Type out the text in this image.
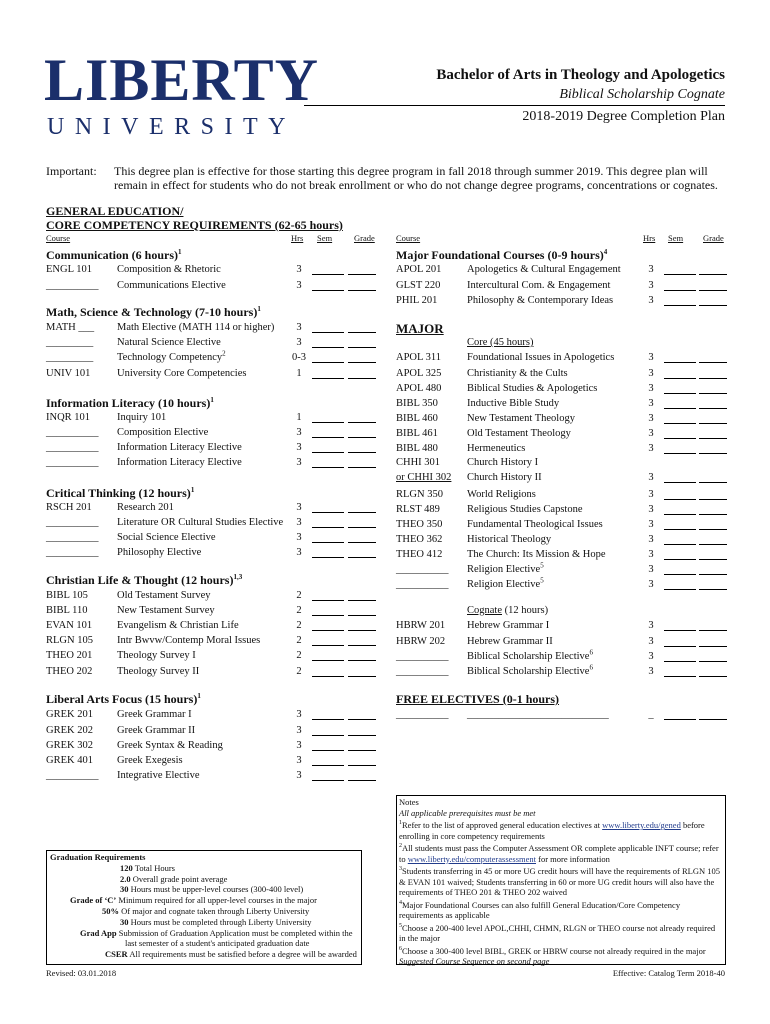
LIBERTY
UNIVERSITY
Bachelor of Arts in Theology and Apologetics
Biblical Scholarship Cognate
2018-2019 Degree Completion Plan
Important: This degree plan is effective for those starting this degree program in fall 2018 through summer 2019. This degree plan will remain in effect for students who do not break enrollment or who do not change degree programs, concentrations or cognates.
GENERAL EDUCATION/
CORE COMPETENCY REQUIREMENTS (62-65 hours)
Course	Hrs Sem	Grade Course	Hrs Sem Grade
Communication (6 hours)$^1$
ENGL 101 Composition & Rhetoric	3
__________ Communications Elective	3
Math, Science & Technology (7-10 hours)$^1$
MATH ___ Math Elective (MATH 114 or higher)	3
_________ Natural Science Elective	3
_________ Technology Competency$^2$	0-3
UNIV 101	University Core Competencies	1
Information Literacy (10 hours)$^1$
INQR 101	Inquiry 101	1
__________ Composition Elective	3
__________ Information Literacy Elective	3
__________ Information Literacy Elective	3
Critical Thinking (12 hours)$^1$
RSCH 201 Research 201	3
__________ Literature OR Cultural Studies Elective	3
__________ Social Science Elective	3
__________ Philosophy Elective	3
Christian Life & Thought (12 hours)$^{1,3}$
BIBL 105	Old Testament Survey	2
BIBL 110	New Testament Survey	2
EVAN 101 Evangelism & Christian Life	2
RLGN 105 Intr Bwvw/Contemp Moral Issues	2
THEO 201 Theology Survey I	2
THEO 202 Theology Survey II	2
Liberal Arts Focus (15 hours)$^1$
GREK 201 Greek Grammar I	3
GREK 202 Greek Grammar II	3
GREK 302 Greek Syntax & Reading	3
GREK 401 Greek Exegesis	3
__________ Integrative Elective	3
Major Foundational Courses (0-9 hours)$^4$
APOL 201 Apologetics & Cultural Engagement	3
GLST 220	Intercultural Com. & Engagement	3
PHIL 201	Philosophy & Contemporary Ideas	3
MAJOR
Core (45 hours)
APOL 311 Foundational Issues in Apologetics	3
APOL 325 Christianity & the Cults	3
APOL 480 Biblical Studies & Apologetics	3
BIBL 350	Inductive Bible Study	3
BIBL 460	New Testament Theology	3
BIBL 461	Old Testament Theology	3
BIBL 480	Hermeneutics	3
CHHI 301	Church History I
or CHHI 302 Church History II	3
RLGN 350 World Religions	3
RLST 489	Religious Studies Capstone	3
THEO 350 Fundamental Theological Issues	3
THEO 362 Historical Theology	3
THEO 412 The Church: Its Mission & Hope	3
__________ Religion Elective$^5$	3
__________ Religion Elective$^5$	3
Cognate (12 hours)
HBRW 201 Hebrew Grammar I	3
HBRW 202 Hebrew Grammar II	3
__________ Biblical Scholarship Elective$^6$	3
__________ Biblical Scholarship Elective$^6$	3
FREE ELECTIVES (0-1 hours)
__________ ___________________________	_
Notes
All applicable prerequisites must be met
$^1$Refer to the list of approved general education electives at www.liberty.edu/gened before enrolling in core competency requirements
$^2$All students must pass the Computer Assessment OR complete applicable INFT course; refer to www.liberty.edu/computerassessment for more information
$^3$Students transferring in 45 or more UG credit hours will have the requirements of RLGN 105 & EVAN 101 waived; Students transferring in 60 or more UG credit hours will also have the requirements of THEO 201 & THEO 202 waived
$^4$Major Foundational Courses can also fulfill General Education/Core Competency requirements as applicable
$^5$Choose a 200-400 level APOL,CHHI, CHMN, RLGN or THEO course not already required in the major
$^6$Choose a 300-400 level BIBL, GREK or HBRW course not already required in the major
Suggested Course Sequence on second page
Graduation Requirements
120 Total Hours
2.0 Overall grade point average
30 Hours must be upper-level courses (300-400 level)
Grade of ‘C’ Minimum required for all upper-level courses in the major
50% Of major and cognate taken through Liberty University
30 Hours must be completed through Liberty University
Grad App Submission of Graduation Application must be completed within the
last semester of a student's anticipated graduation date
CSER All requirements must be satisfied before a degree will be awarded
Revised: 03.01.2018	Effective: Catalog Term 2018-40
